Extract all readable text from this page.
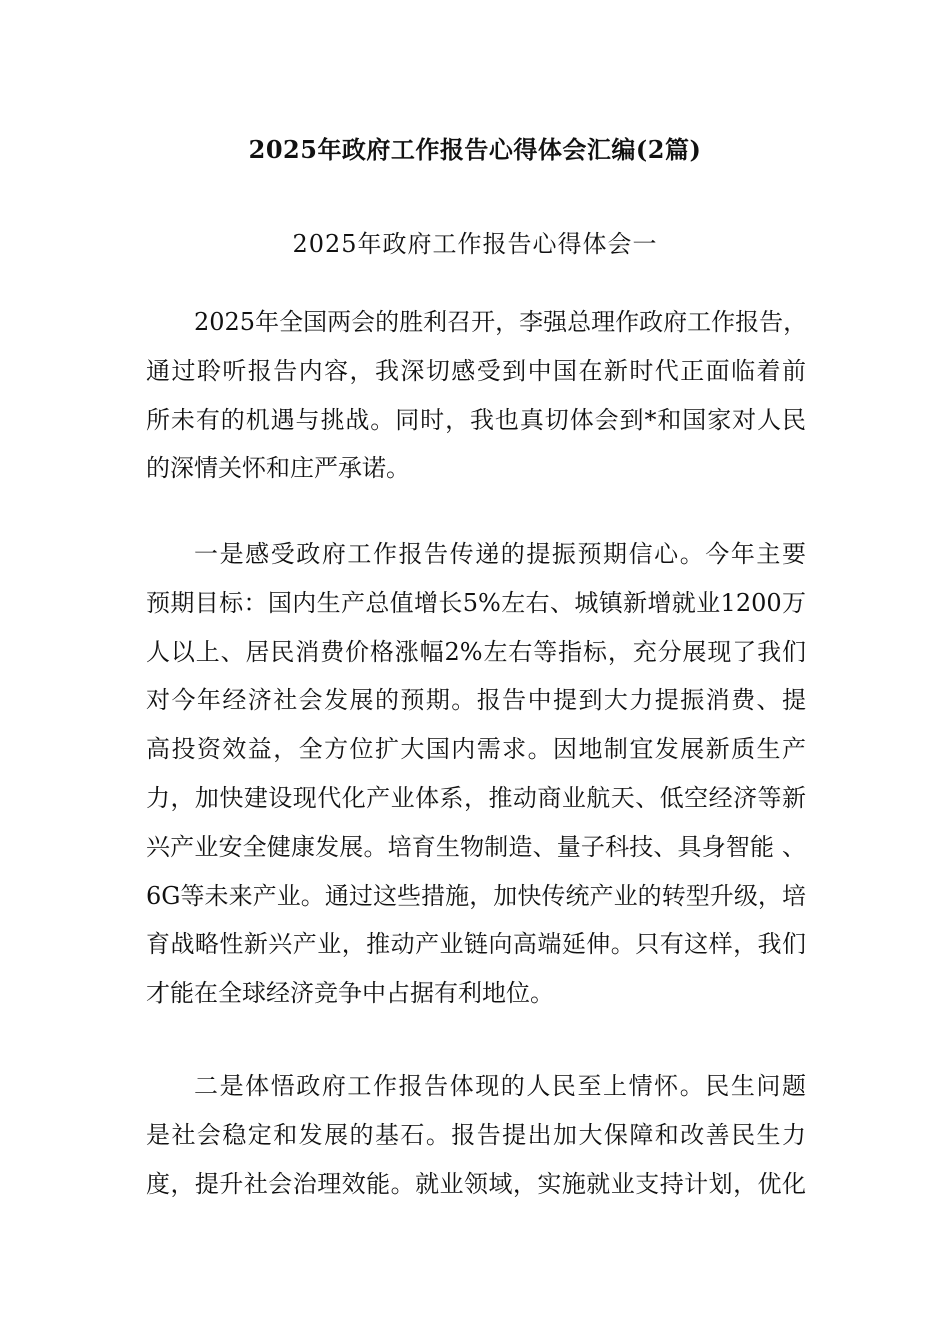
2025年政府工作报告心得体会汇编(2篇)
2025年政府工作报告心得体会一
2025年全国两会的胜利召开，李强总理作政府工作报告，
通过聆听报告内容，我深切感受到中国在新时代正面临着前
所未有的机遇与挑战。同时，我也真切体会到*和国家对人民
的深情关怀和庄严承诺。
一是感受政府工作报告传递的提振预期信心。今年主要
预期目标：国内生产总值增长5%左右、城镇新增就业1200万
人以上、居民消费价格涨幅2%左右等指标，充分展现了我们
对今年经济社会发展的预期。报告中提到大力提振消费、提
高投资效益，全方位扩大国内需求。因地制宜发展新质生产
力，加快建设现代化产业体系，推动商业航天、低空经济等新
兴产业安全健康发展。培育生物制造、量子科技、具身智能 、
6G等未来产业。通过这些措施，加快传统产业的转型升级，培
育战略性新兴产业，推动产业链向高端延伸。只有这样，我们
才能在全球经济竞争中占据有利地位。
二是体悟政府工作报告体现的人民至上情怀。民生问题
是社会稳定和发展的基石。报告提出加大保障和改善民生力
度，提升社会治理效能。就业领域，实施就业支持计划，优化
